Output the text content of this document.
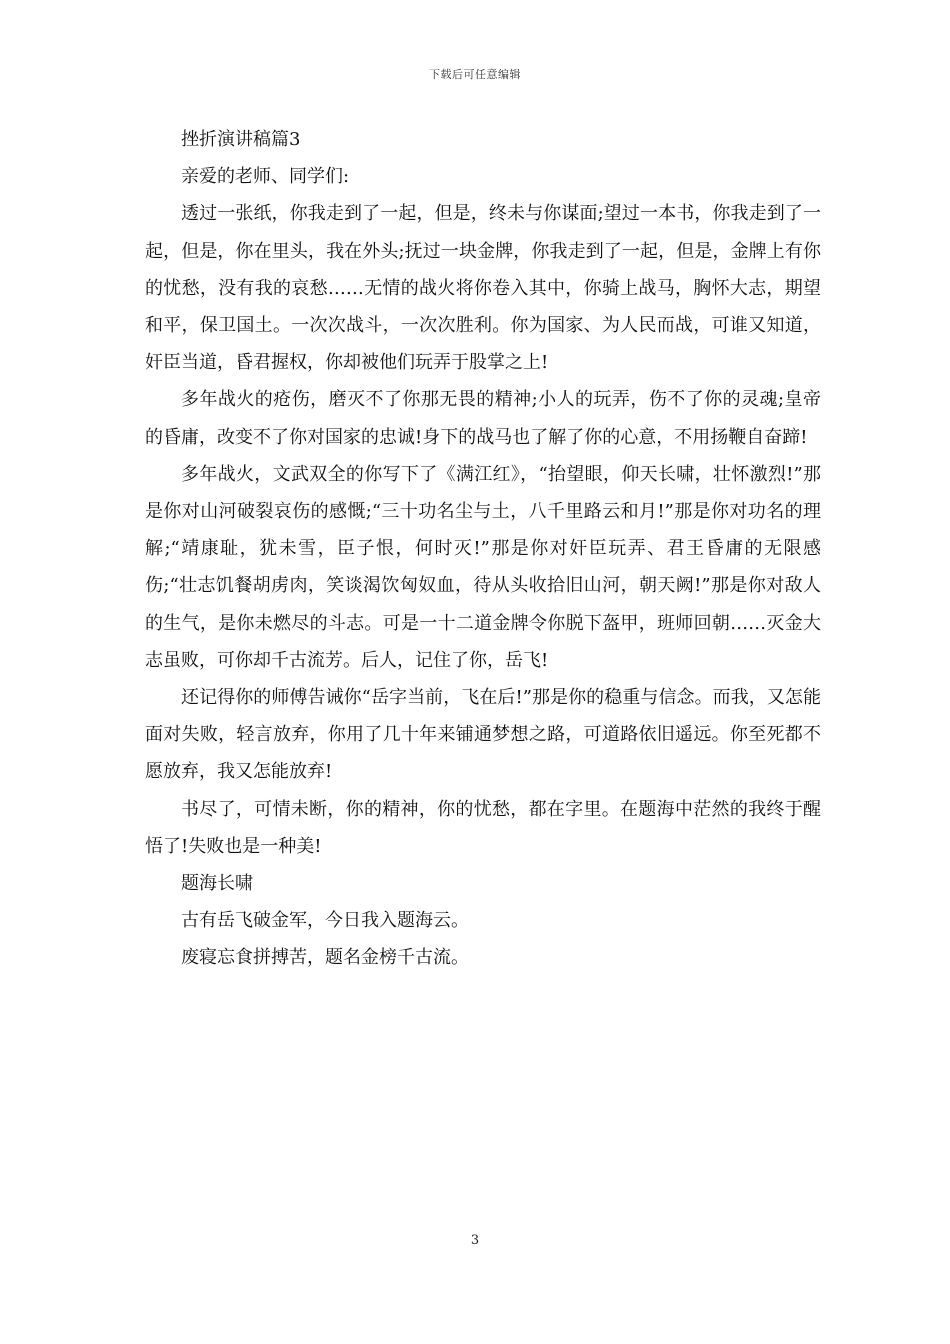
下载后可任意编辑

挫折演讲稿篇3

亲爱的老师、同学们:

透过一张纸，你我走到了一起，但是，终未与你谋面;望过一本书，你我走到了一起，但是，你在里头，我在外头;抚过一块金牌，你我走到了一起，但是，金牌上有你的忧愁，没有我的哀愁……无情的战火将你卷入其中，你骑上战马，胸怀大志，期望和平，保卫国土。一次次战斗，一次次胜利。你为国家、为人民而战，可谁又知道，奸臣当道，昏君握权，你却被他们玩弄于股掌之上!

多年战火的疮伤，磨灭不了你那无畏的精神;小人的玩弄，伤不了你的灵魂;皇帝的昏庸，改变不了你对国家的忠诚!身下的战马也了解了你的心意，不用扬鞭自奋蹄!

多年战火，文武双全的你写下了《满江红》，“抬望眼，仰天长啸，壮怀激烈!”那是你对山河破裂哀伤的感慨;“三十功名尘与土，八千里路云和月!”那是你对功名的理解;“靖康耻，犹未雪，臣子恨，何时灭!”那是你对奸臣玩弄、君王昏庸的无限感伤;“壮志饥餐胡虏肉，笑谈渴饮匈奴血，待从头收拾旧山河，朝天阙!”那是你对敌人的生气，是你未燃尽的斗志。可是一十二道金牌令你脱下盔甲，班师回朝……灭金大志虽败，可你却千古流芳。后人，记住了你，岳飞!

还记得你的师傅告诫你“岳字当前，飞在后!”那是你的稳重与信念。而我，又怎能面对失败，轻言放弃，你用了几十年来铺通梦想之路，可道路依旧遥远。你至死都不愿放弃，我又怎能放弃!

书尽了，可情未断，你的精神，你的忧愁，都在字里。在题海中茫然的我终于醒悟了!失败也是一种美!

题海长啸

古有岳飞破金军，今日我入题海云。

废寝忘食拼搏苦，题名金榜千古流。

3
